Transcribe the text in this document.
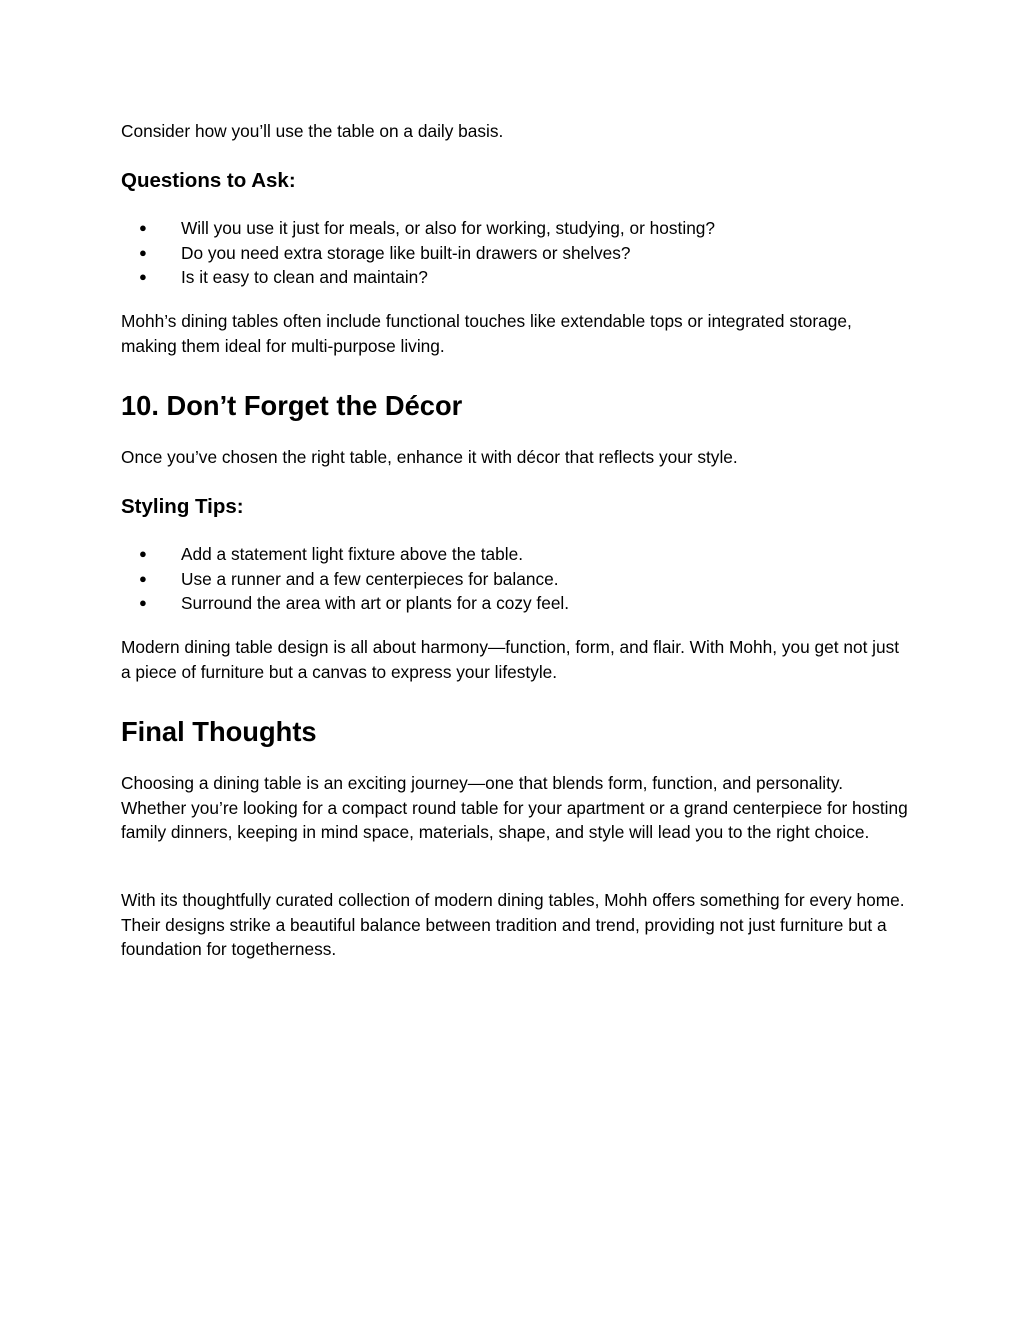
Consider how you’ll use the table on a daily basis.

Questions to Ask:
● Will you use it just for meals, or also for working, studying, or hosting?
● Do you need extra storage like built-in drawers or shelves?
● Is it easy to clean and maintain?

Mohh’s dining tables often include functional touches like extendable tops or integrated storage, making them ideal for multi-purpose living.

10. Don’t Forget the Décor

Once you’ve chosen the right table, enhance it with décor that reflects your style.

Styling Tips:
● Add a statement light fixture above the table.
● Use a runner and a few centerpieces for balance.
● Surround the area with art or plants for a cozy feel.

Modern dining table design is all about harmony—function, form, and flair. With Mohh, you get not just a piece of furniture but a canvas to express your lifestyle.

Final Thoughts

Choosing a dining table is an exciting journey—one that blends form, function, and personality. Whether you’re looking for a compact round table for your apartment or a grand centerpiece for hosting family dinners, keeping in mind space, materials, shape, and style will lead you to the right choice.

With its thoughtfully curated collection of modern dining tables, Mohh offers something for every home. Their designs strike a beautiful balance between tradition and trend, providing not just furniture but a foundation for togetherness.
